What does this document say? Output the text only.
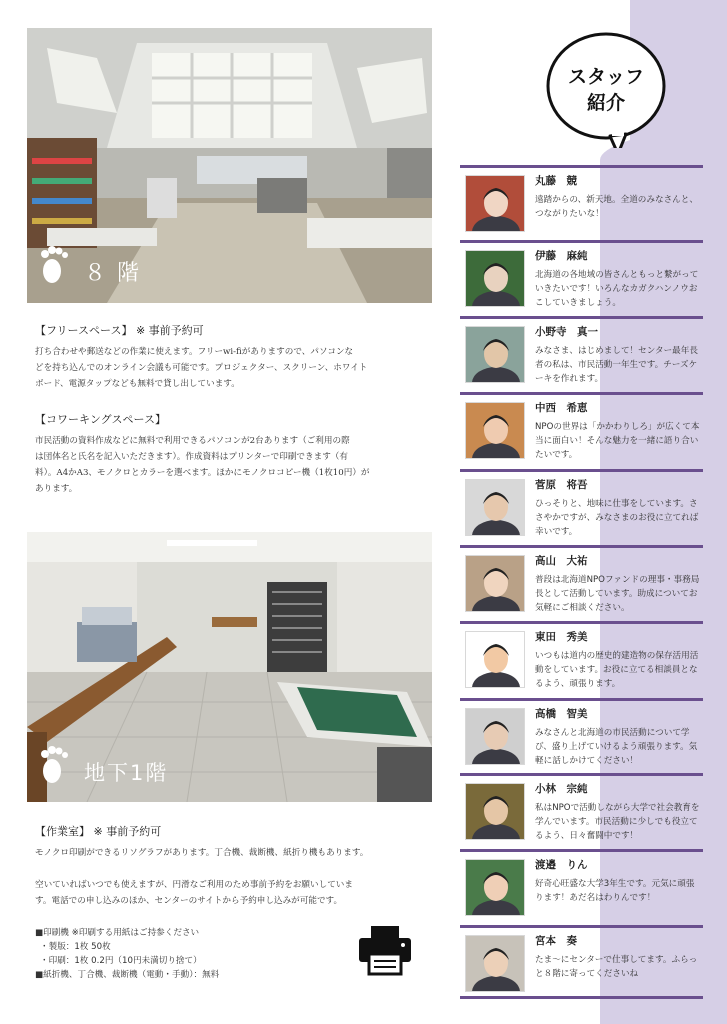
スタッフ
紹介
８ 階
【フリースペース】 ※ 事前予約可
打ち合わせや郵送などの作業に使えます。フリーwi-fiがありますので、パソコンな
どを持ち込んでのオンライン会議も可能です。プロジェクター、スクリーン、ホワイト
ボード、電源タップなども無料で貸し出しています。
【コワーキングスペース】
市民活動の資料作成などに無料で利用できるパソコンが2台あります（ご利用の際
は団体名と氏名を記入いただきます）。作成資料はプリンターで印刷できます（有
料）。A4かA3、モノクロとカラーを選べます。ほかにモノクロコピー機（1枚10円）が
あります。
地下1階
【作業室】 ※ 事前予約可
モノクロ印刷ができるリソグラフがあります。丁合機、裁断機、紙折り機もあります。
空いていればいつでも使えますが、円滑なご利用のため事前予約をお願いしていま
す。電話での申し込みのほか、センターのサイトから予約申し込みが可能です。
■印刷機 ※印刷する用紙はご持参ください
・製版：1枚 50枚
・印刷：1枚 0.2円（10円未満切り捨て）
■紙折機、丁合機、裁断機（電動・手動）：無料
丸藤　競
遠踏からの、新天地。全道のみなさんと、つながりたいな！
伊藤　麻純
北海道の各地域の皆さんともっと繋がっていきたいです！いろんなカガクハンノウおこしていきましょう。
小野寺　真一
みなさま、はじめまして！センター最年長者の私は、市民活動一年生です。チーズケーキを作れます。
中西　希恵
NPOの世界は「かかわりしろ」が広くて本当に面白い！そんな魅力を一緒に語り合いたいです。
菅原　将吾
ひっそりと、地味に仕事をしています。ささやかですが、みなさまのお役に立てれば幸いです。
高山　大祐
普段は北海道NPOファンドの理事・事務局長として活動しています。助成についてお気軽にご相談ください。
東田　秀美
いつもは道内の歴史的建造物の保存活用活動をしています。お役に立てる相談員となるよう、頑張ります。
高橋　智美
みなさんと北海道の市民活動について学び、盛り上げていけるよう頑張ります。気軽に話しかけてください！
小林　宗純
私はNPOで活動しながら大学で社会教育を学んでいます。市民活動に少しでも役立てるよう、日々奮闘中です！
渡邉　りん
好奇心旺盛な大学3年生です。元気に頑張ります！あだ名はわりんです！
宮本　奏
たま～にセンターで仕事してます。ふらっと８階に寄ってくださいね
